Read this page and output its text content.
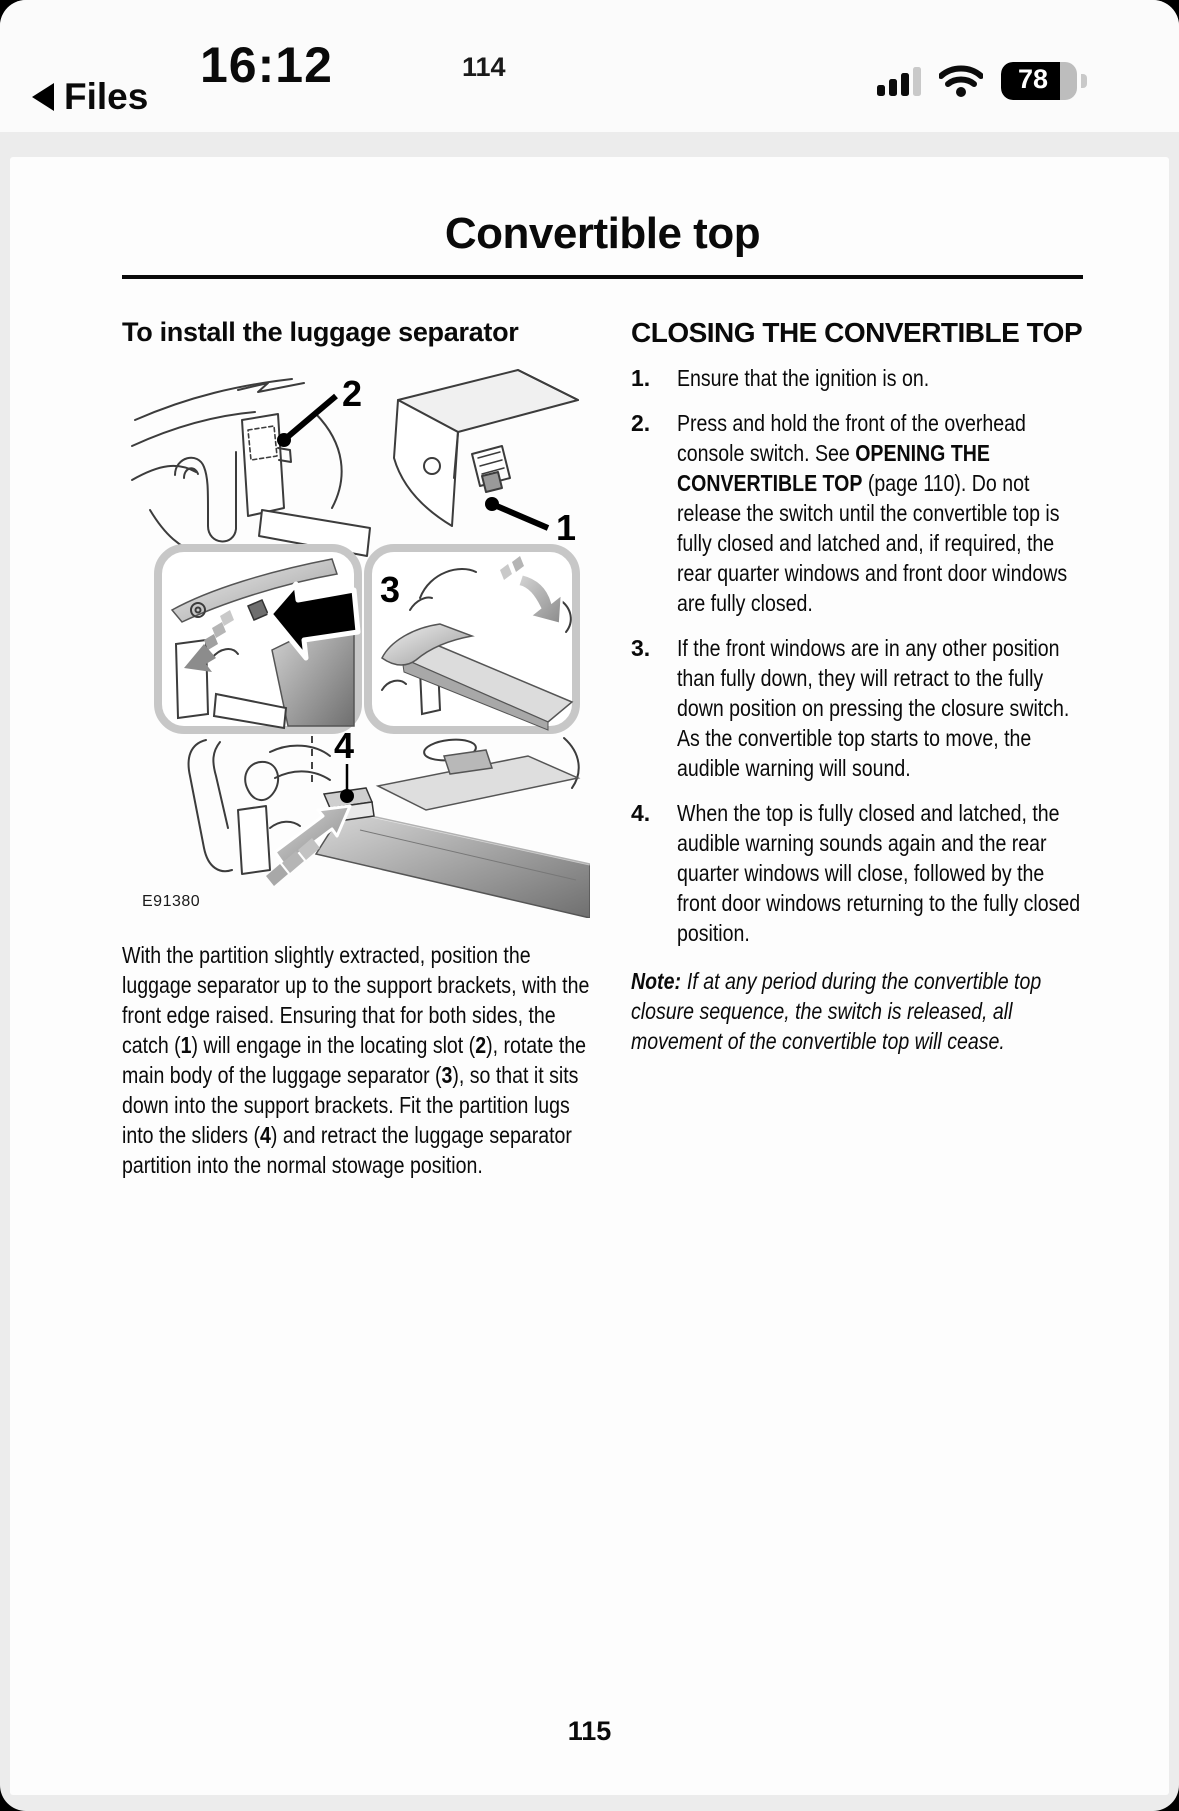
16:12
Files
114	78
Convertible top
To install the luggage separator
2
1
3
4
E91380

With the partition slightly extracted, position the luggage separator up to the support brackets, with the front edge raised. Ensuring that for both sides, the catch (1) will engage in the locating slot (2), rotate the main body of the luggage separator (3), so that it sits down into the support brackets. Fit the partition lugs into the sliders (4) and retract the luggage separator partition into the normal stowage position.

CLOSING THE CONVERTIBLE TOP
1.	Ensure that the ignition is on.
2.	Press and hold the front of the overhead console switch. See OPENING THE CONVERTIBLE TOP (page 110). Do not release the switch until the convertible top is fully closed and latched and, if required, the rear quarter windows and front door windows are fully closed.
3.	If the front windows are in any other position than fully down, they will retract to the fully down position on pressing the closure switch. As the convertible top starts to move, the audible warning will sound.
4.	When the top is fully closed and latched, the audible warning sounds again and the rear quarter windows will close, followed by the front door windows returning to the fully closed position.

Note: If at any period during the convertible top closure sequence, the switch is released, all movement of the convertible top will cease.

115
